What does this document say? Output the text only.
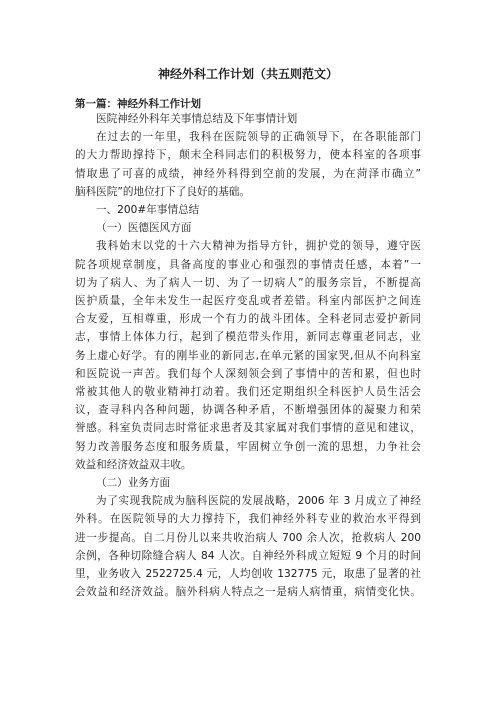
神经外科工作计划（共五则范文）
第一篇：神经外科工作计划
医院神经外科年关事情总结及下年事情计划
在过去的一年里，我科在医院领导的正确领导下，在各职能部门
的大力帮助撑持下，颠末全科同志们的积极努力，使本科室的各项事
情取患了可喜的成绩，神经外科得到空前的发展，为在菏泽市确立”
脑科医院”的地位打下了良好的基础。
一、200#年事情总结
（一）医德医风方面
我科始末以党的十六大精神为指导方针，拥护党的领导，遵守医
院各项规章制度，具备高度的事业心和强烈的事情责任感，本着”一
切为了病人、为了病人一切、为了一切病人”的服务宗旨，不断提高
医护质量，全年未发生一起医疗变乱或者差错。科室内部医护之间连
合友爱，互相尊重，形成一个有力的战斗团体。全科老同志爱护新同
志，事情上体体力行，起到了模范带头作用，新同志尊重老同志，业
务上虚心好学。有的刚毕业的新同志,在单元紧的国家哭,但从不向科室
和医院说一声苦。我们每个人深刻领会到了事情中的苦和累，但也时
常被其他人的敬业精神打动着。我们还定期组织全科医护人员生活会
议，查寻科内各种问题，协调各种矛盾，不断增强团体的凝聚力和荣
誉感。科室负责同志时常征求患者及其家属对我们事情的意见和建议，
努力改善服务态度和服务质量，牢固树立争创一流的思想，力争社会
效益和经济效益双丰收。
（二）业务方面
为了实现我院成为脑科医院的发展战略，2006 年 3 月成立了神经
外科。在医院领导的大力撑持下，我们神经外科专业的救治水平得到
进一步提高。自二月份儿以来共收治病人 700 余人次，抢救病人 200
余例，各种切除缝合病人 84 人次。自神经外科成立短短 9 个月的时间
里，业务收入 2522725.4 元，人均创收 132775 元，取患了显著的社
会效益和经济效益。脑外科病人特点之一是病人病情重，病情变化快。
